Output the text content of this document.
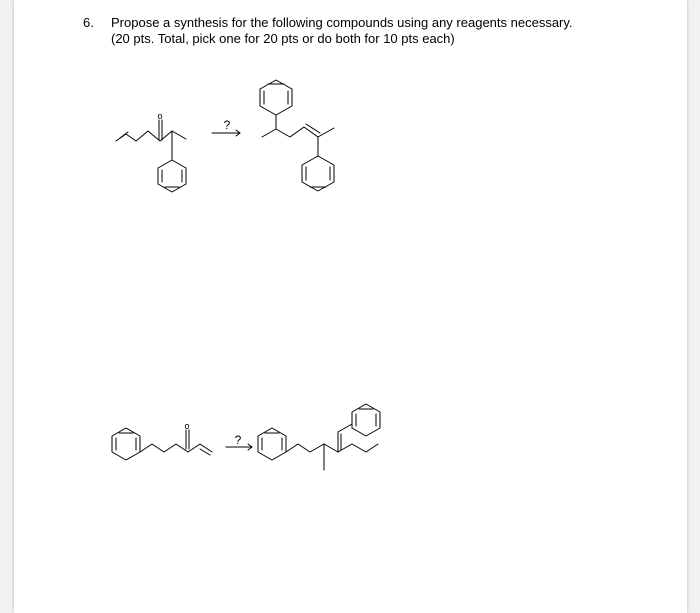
6. Propose a synthesis for the following compounds using any reagents necessary.
(20 pts. Total, pick one for 20 pts or do both for 10 pts each)
o
?
o
?
